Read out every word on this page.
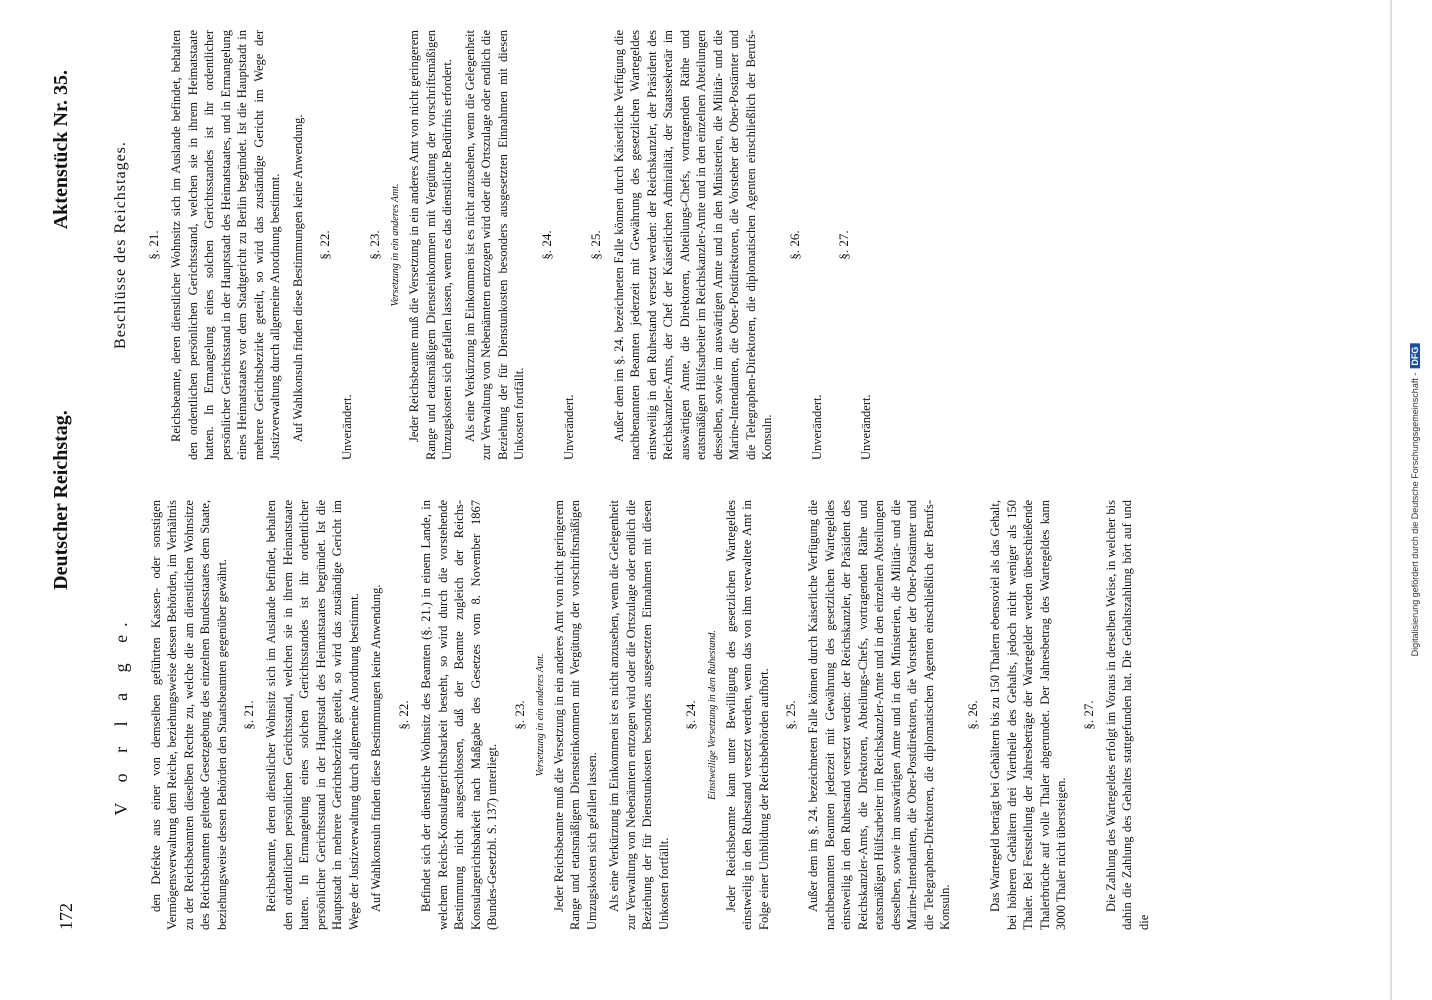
172
Deutscher Reichstag.
Aktenstück Nr. 35.
V o r l a g e. den Defekte aus einer von demselben geführten Kassen- oder sonstigen Vermögensverwaltung dem Reiche, beziehungsweise dessen Behörden, im Verhältnis zu der Reichsbeamten dieselben Rechte zu, welche die am dienstlichen Wohnsitze des Reichsbeamten geltende Gesetzgebung des einzelnen Bundesstaates dem Staate, beziehungsweise dessen Behörden den Staatsbeamten gegenüber gewährt. §. 21. Reichsbeamte, deren dienstlicher Wohnsitz sich im Auslande befindet, behalten den ordentlichen persönlichen Gerichtsstand, welchen sie in ihrem Heimatstaate hatten. In Ermangelung eines solchen Gerichtsstandes ist ihr ordentlicher persönlicher Gerichtsstand in der Hauptstadt des Heimatstaates begründet. Ist die Hauptstadt in mehrere Gerichtsbezirke geteilt, so wird das zuständige Gericht im Wege der Justizverwaltung durch allgemeine Anordnung bestimmt. Auf Wahlkonsuln finden diese Bestimmungen keine Anwendung. §. 22. Befindet sich der dienstliche Wohnsitz des Beamten (§. 21.) in einem Lande, in welchem Reichs-Konsulargerichtsbarkeit besteht, so wird durch die vorstehende Bestimmung nicht ausgeschlossen, daß der Beamte zugleich der Reichs-Konsulargerichtsbarkeit nach Maßgabe des Gesetzes vom 8. November 1867 (Bundes-Gesetzbl. S. 137) unterliegt.

§. 23. Versetzung in ein anderes Amt. Jeder Reichsbeamte muß die Versetzung in ein anderes Amt von nicht geringerem Range und etatsmäßigem Diensteinkommen mit Vergütung der vorschriftsmäßigen Umzugskosten sich gefallen lassen. Als eine Verkürzung im Einkommen ist es nicht anzusehen, wenn die Gelegenheit zur Verwaltung von Nebenämtern entzogen wird oder die Ortszulage oder endlich die Beziehung der für Dienstunkosten besonders ausgesetzten Einnahmen mit diesen Unkosten fortfällt.

§. 24. Einstweilige Versetzung in den Ruhestand. Jeder Reichsbeamte kann unter Bewilligung des gesetzlichen Wartegeldes einstweilig in den Ruhestand versetzt werden, wenn das von ihm verwaltete Amt in Folge einer Umbildung der Reichsbehörden aufhört. §. 25. Außer dem im §. 24. bezeichneten Falle können durch Kaiserliche Verfügung die nachbenannten Beamten jederzeit mit Gewährung des gesetzlichen Wartegeldes einstweilig in den Ruhestand versetzt werden: der Reichskanzler, der Präsident des Reichskanzler-Amts, die Direktoren, Abteilungs-Chefs, vortragenden Räthe und etatsmäßigen Hülfsarbeiter im Reichskanzler-Amte und in den einzelnen Abteilungen desselben, sowie im auswärtigen Amte und in den Ministerien, die Militär- und die Marine-Intendanten, die Ober-Postdirektoren, die Vorsteher der Ober-Postämter und die Telegraphen-Direktoren, die diplomatischen Agenten einschließlich der Berufs-Konsuln.

§. 26. Das Wartegeld beträgt bei Gehältern bis zu 150 Thalern ebensoviel als das Gehalt, bei höheren Gehältern drei Viertheile des Gehalts, jedoch nicht weniger als 150 Thaler. Bei Feststellung der Jahresbeträge der Wartegelder werden überschießende Thalerbrüche auf volle Thaler abgerundet. Der Jahresbetrag des Wartegeldes kann 3000 Thaler nicht übersteigen.

§. 27. Die Zahlung des Wartegeldes erfolgt im Voraus in derselben Weise, in welcher bis dahin die Zahlung des Gehaltes stattgefunden hat. Die Gehaltszahlung hört auf und die

Beschlüsse des Reichstages. §. 21. Reichsbeamte, deren dienstlicher Wohnsitz sich im Auslande befindet, behalten den ordentlichen persönlichen Gerichtsstand, welchen sie in ihrem Heimatstaate hatten. In Ermangelung eines solchen Gerichtsstandes ist ihr ordentlicher persönlicher Gerichtsstand in der Hauptstadt des Heimatstaates, und in Ermangelung eines Heimatstaates vor dem Stadtgericht zu Berlin begründet. Ist die Hauptstadt in mehrere Gerichtsbezirke geteilt, so wird das zuständige Gericht im Wege der Justizverwaltung durch allgemeine Anordnung bestimmt. Auf Wahlkonsuln finden diese Bestimmungen keine Anwendung. §. 22.

Unverändert.

§. 23. Versetzung in ein anderes Amt. Jeder Reichsbeamte muß die Versetzung in ein anderes Amt von nicht geringerem Range und etatsmäßigem Diensteinkommen mit Vergütung der vorschriftsmäßigen Umzugskosten sich gefallen lassen, wenn es das dienstliche Bedürfnis erfordert. Als eine Verkürzung im Einkommen ist es nicht anzusehen, wenn die Gelegenheit zur Verwaltung von Nebenämtern entzogen wird oder die Ortszulage oder endlich die Beziehung der für Dienstunkosten besonders ausgesetzten Einnahmen mit diesen Unkosten fortfällt.

§. 24.

Unverändert.

§. 25. Außer dem im §. 24. bezeichneten Falle können durch Kaiserliche Verfügung die nachbenannten Beamten jederzeit mit Gewährung des gesetzlichen Wartegeldes einstweilig in den Ruhestand versetzt werden: der Reichskanzler, der Präsident des Reichskanzler-Amts, der Chef der Kaiserlichen Admiralität, der Staatssekretär im auswärtigen Amte, die Direktoren, Abteilungs-Chefs, vortragenden Räthe und etatsmäßigen Hülfsarbeiter im Reichskanzler-Amte und in den einzelnen Abteilungen desselben, sowie im auswärtigen Amte und in den Ministerien, die Militär- und die Marine-Intendanten, die Ober-Postdirektoren, die Vorsteher der Ober-Postämter und die Telegraphen-Direktoren, die diplomatischen Agenten einschließlich der Berufs-Konsuln.

§. 26.

Unverändert.

§. 27.

Unverändert.	Digitalisierung gefördert durch die Deutsche Forschungsgemeinschaft -DFG
